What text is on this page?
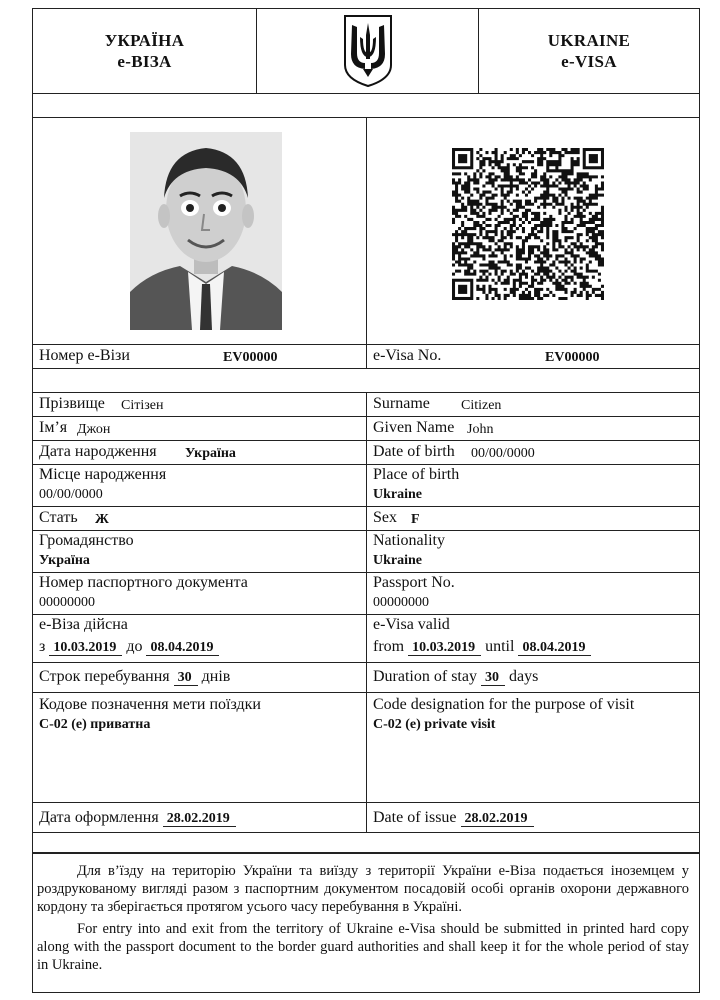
УКРАЇНА
e-ВІЗА
UKRAINE
e-VISA
Номер е-Візи	EV00000	e-Visa No.	EV00000
Прізвище Сітізен	Surname Citizen
Ім’я Джон	Given Name John
Дата народження Україна	Date of birth 00/00/0000
Місце народження
00/00/0000
Place of birth
Ukraine
Стать Ж	Sex F
Громадянство
Україна
Nationality
Ukraine
Номер паспортного документа
00000000
Passport No.
00000000
е-Віза дійсна
з 10.03.2019 до 08.04.2019
e-Visa valid
from 10.03.2019 until 08.04.2019
Строк перебування 30 днів	Duration of stay 30 days
Кодове позначення мети поїздки
С-02 (е) приватна
Code designation for the purpose of visit
C-02 (e) private visit
Дата оформлення 28.02.2019	Date of issue 28.02.2019

Для в’їзду на територію України та виїзду з території України е-Віза подається іноземцем у роздрукованому вигляді разом з паспортним документом посадовій особі органів охорони державного кордону та зберігається протягом усього часу перебування в Україні.

For entry into and exit from the territory of Ukraine e-Visa should be submitted in printed hard copy along with the passport document to the border guard authorities and shall keep it for the whole period of stay in Ukraine.
